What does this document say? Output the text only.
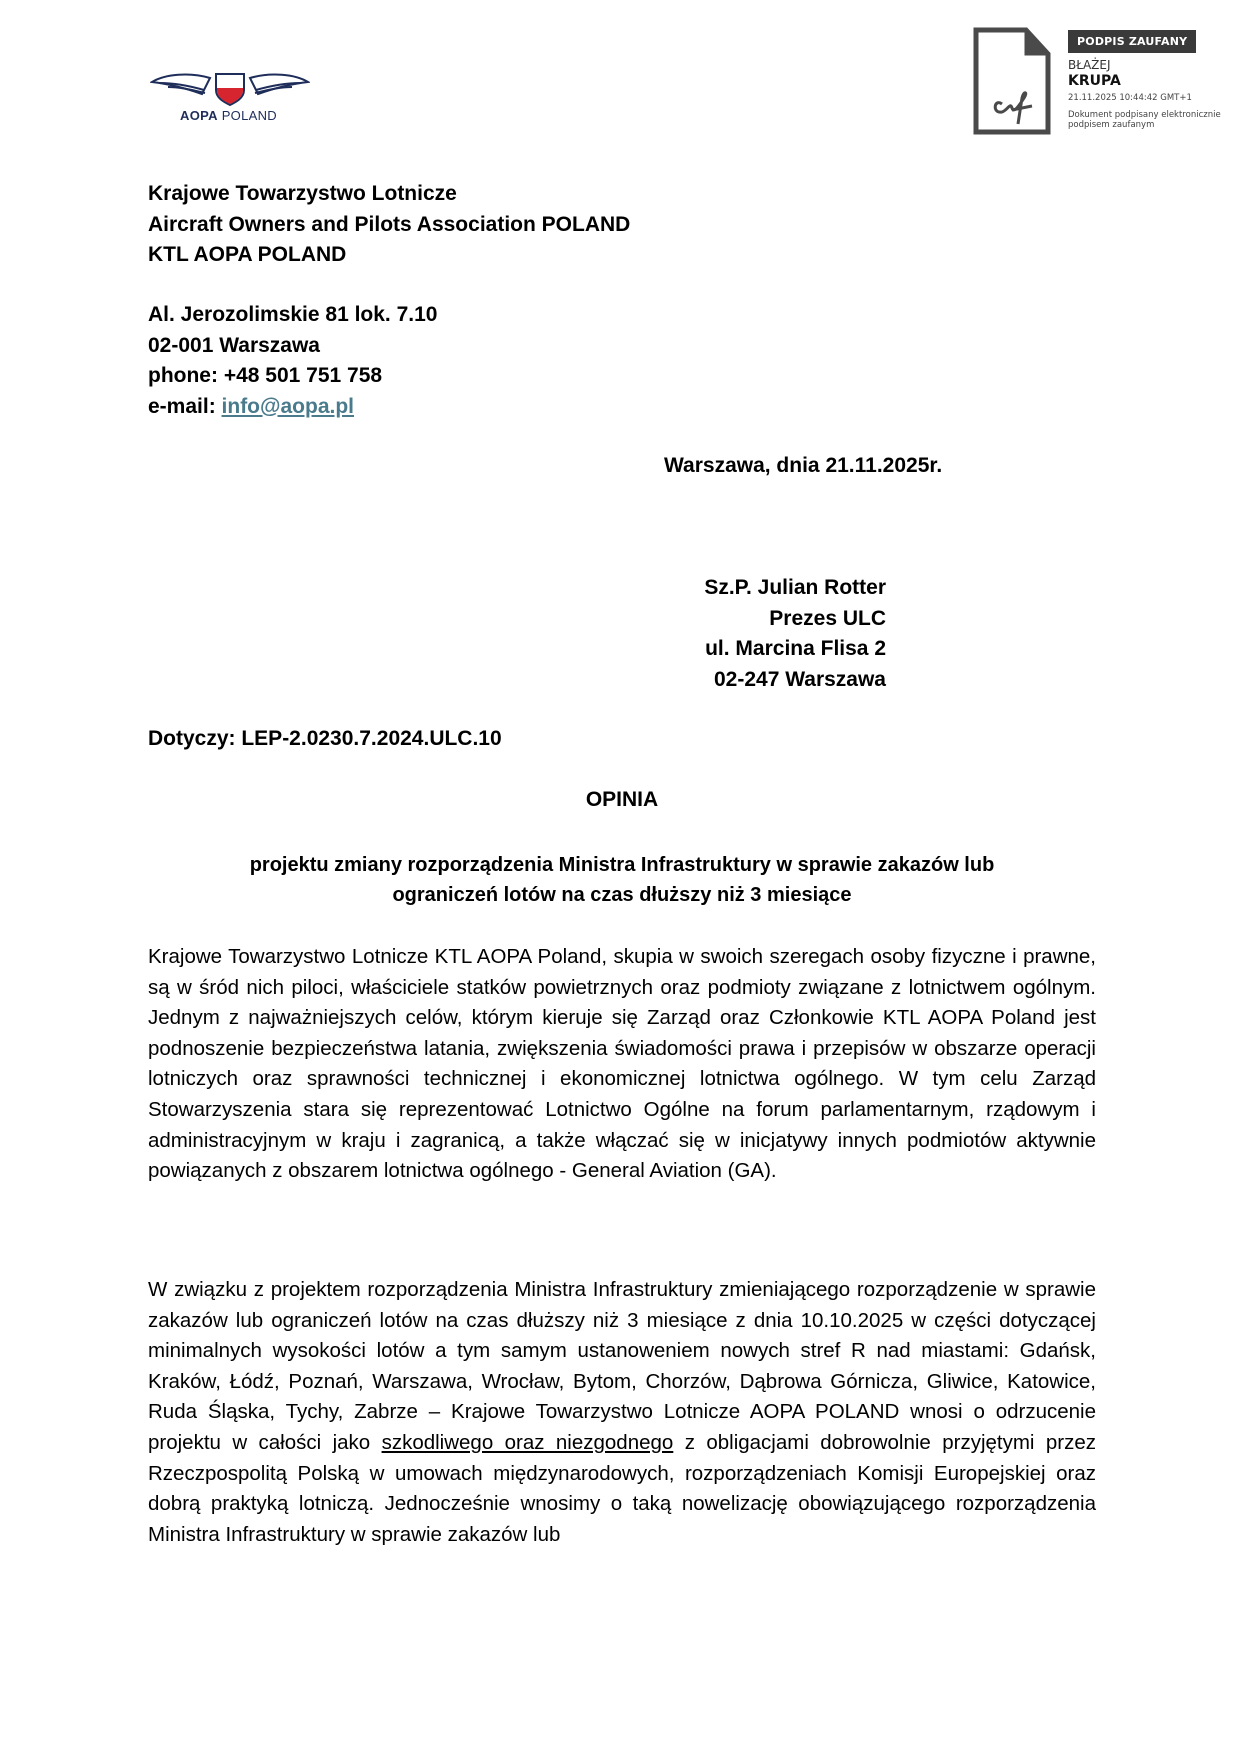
AOPA POLAND
PODPIS ZAUFANY
BŁAŻEJ
KRUPA
21.11.2025 10:44:42 GMT+1
Dokument podpisany elektronicznie
podpisem zaufanym
Krajowe Towarzystwo Lotnicze
Aircraft Owners and Pilots Association POLAND
KTL AOPA POLAND
Al. Jerozolimskie 81 lok. 7.10
02-001 Warszawa
phone: +48 501 751 758
e-mail: info@aopa.pl
Warszawa, dnia 21.11.2025r.
Sz.P. Julian Rotter
Prezes ULC
ul. Marcina Flisa 2
02-247 Warszawa
Dotyczy: LEP-2.0230.7.2024.ULC.10
OPINIA
projektu zmiany rozporządzenia Ministra Infrastruktury w sprawie zakazów lub
ograniczeń lotów na czas dłuższy niż 3 miesiące
Krajowe Towarzystwo Lotnicze KTL AOPA Poland, skupia w swoich szeregach osoby fizyczne i prawne, są w śród nich piloci, właściciele statków powietrznych oraz podmioty związane z lotnictwem ogólnym. Jednym z najważniejszych celów, którym kieruje się Zarząd oraz Członkowie KTL AOPA Poland jest podnoszenie bezpieczeństwa latania, zwiększenia świadomości prawa i przepisów w obszarze operacji lotniczych oraz sprawności technicznej i ekonomicznej lotnictwa ogólnego. W tym celu Zarząd Stowarzyszenia stara się reprezentować Lotnictwo Ogólne na forum parlamentarnym, rządowym i administracyjnym w kraju i zagranicą, a także włączać się w inicjatywy innych podmiotów aktywnie powiązanych z obszarem lotnictwa ogólnego - General Aviation (GA).
W związku z projektem rozporządzenia Ministra Infrastruktury zmieniającego rozporządzenie w sprawie zakazów lub ograniczeń lotów na czas dłuższy niż 3 miesiące z dnia 10.10.2025 w części dotyczącej minimalnych wysokości lotów a tym samym ustanoweniem nowych stref R nad miastami: Gdańsk, Kraków, Łódź, Poznań, Warszawa, Wrocław, Bytom, Chorzów, Dąbrowa Górnicza, Gliwice, Katowice, Ruda Śląska, Tychy, Zabrze – Krajowe Towarzystwo Lotnicze AOPA POLAND wnosi o odrzucenie projektu w całości jako szkodliwego oraz niezgodnego z obligacjami dobrowolnie przyjętymi przez Rzeczpospolitą Polską w umowach międzynarodowych, rozporządzeniach Komisji Europejskiej oraz dobrą praktyką lotniczą. Jednocześnie wnosimy o taką nowelizację obowiązującego rozporządzenia Ministra Infrastruktury w sprawie zakazów lub
